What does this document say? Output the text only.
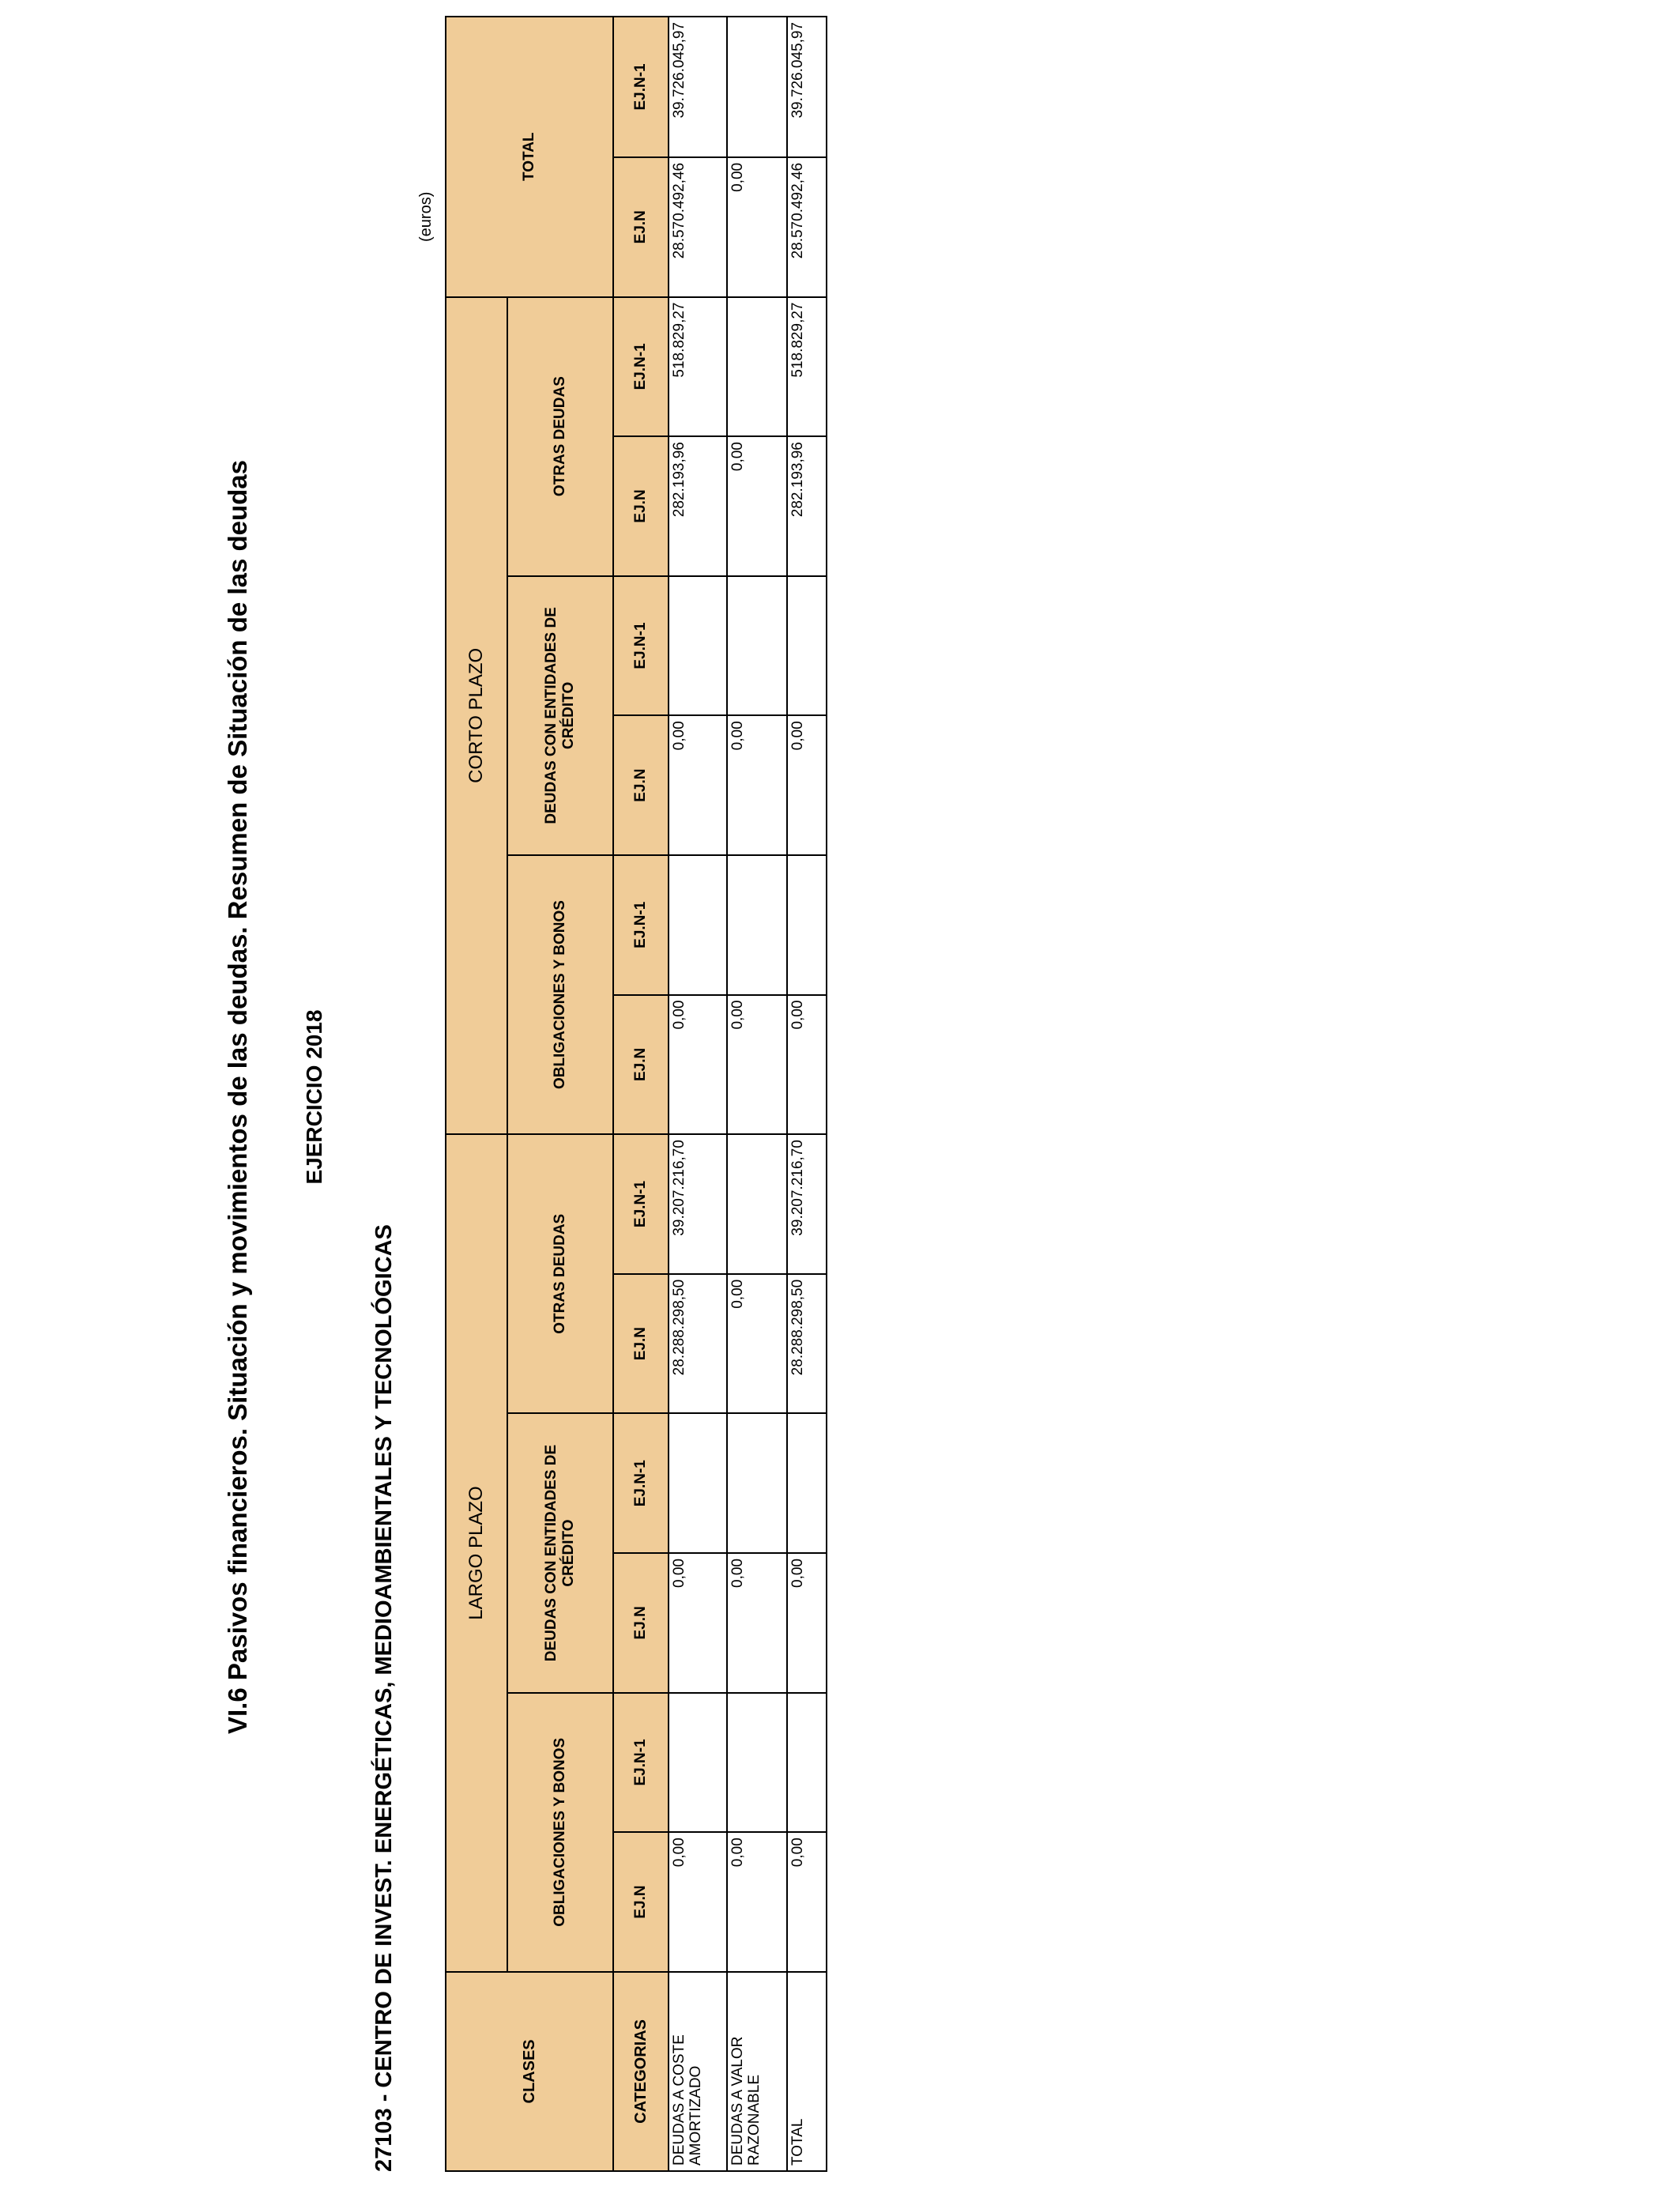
VI.6 Pasivos financieros. Situación y movimientos de las deudas. Resumen de Situación de las deudas EJERCICIO 2018
27103 - CENTRO DE INVEST. ENERGÉTICAS, MEDIOAMBIENTALES Y TECNOLÓGICAS
(euros)
CLASES	LARGO PLAZO						CORTO PLAZO						TOTAL	
	OBLIGACIONES Y BONOS		DEUDAS CON ENTIDADES DE CRÉDITO		OTRAS DEUDAS		OBLIGACIONES Y BONOS		DEUDAS CON ENTIDADES DE CRÉDITO		OTRAS DEUDAS			
CATEGORIAS	EJ.N	EJ.N-1	EJ.N	EJ.N-1	EJ.N	EJ.N-1	EJ.N	EJ.N-1	EJ.N	EJ.N-1	EJ.N	EJ.N-1	EJ.N	EJ.N-1
DEUDAS A COSTE AMORTIZADO	0,00		0,00		28.288.298,50	39.207.216,70	0,00		0,00		282.193,96	518.829,27	28.570.492,46	39.726.045,97
DEUDAS A VALOR RAZONABLE	0,00		0,00		0,00		0,00		0,00		0,00		0,00	
TOTAL	0,00		0,00		28.288.298,50	39.207.216,70	0,00		0,00		282.193,96	518.829,27	28.570.492,46	39.726.045,97
